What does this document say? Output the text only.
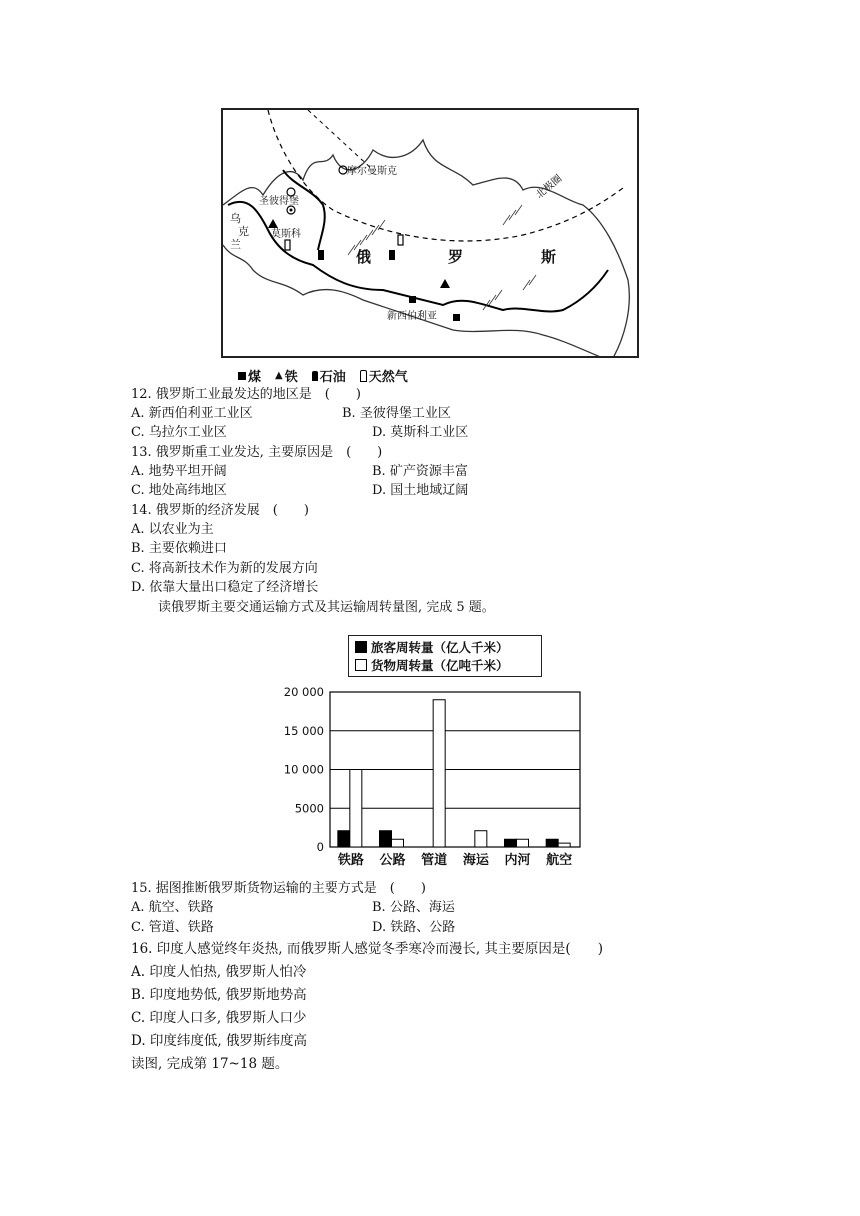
摩尔曼斯克
圣彼得堡
莫斯科
乌
克
兰
新西伯利亚
北极圈
俄	罗	斯
煤 ▲ 铁 石油 天然气
12. 俄罗斯工业最发达的地区是　(　　)
A. 新西伯利亚工业区	B. 圣彼得堡工业区
C. 乌拉尔工业区	D. 莫斯科工业区
13. 俄罗斯重工业发达, 主要原因是　(　　)
A. 地势平坦开阔	B. 矿产资源丰富
C. 地处高纬地区	D. 国土地域辽阔
14. 俄罗斯的经济发展　(　　)
A. 以农业为主
B. 主要依赖进口
C. 将高新技术作为新的发展方向
D. 依靠大量出口稳定了经济增长
读俄罗斯主要交通运输方式及其运输周转量图, 完成 5 题。
旅客周转量（亿人千米）
货物周转量（亿吨千米）
0
5000
10 000
15 000
20 000
铁路 公路 管道 海运 内河 航空
15. 据图推断俄罗斯货物运输的主要方式是　(　　)
A. 航空、铁路	B. 公路、海运
C. 管道、铁路	D. 铁路、公路
16. 印度人感觉终年炎热, 而俄罗斯人感觉冬季寒冷而漫长, 其主要原因是(　　)
A. 印度人怕热, 俄罗斯人怕冷
B. 印度地势低, 俄罗斯地势高
C. 印度人口多, 俄罗斯人口少
D. 印度纬度低, 俄罗斯纬度高
读图, 完成第 17~18 题。
